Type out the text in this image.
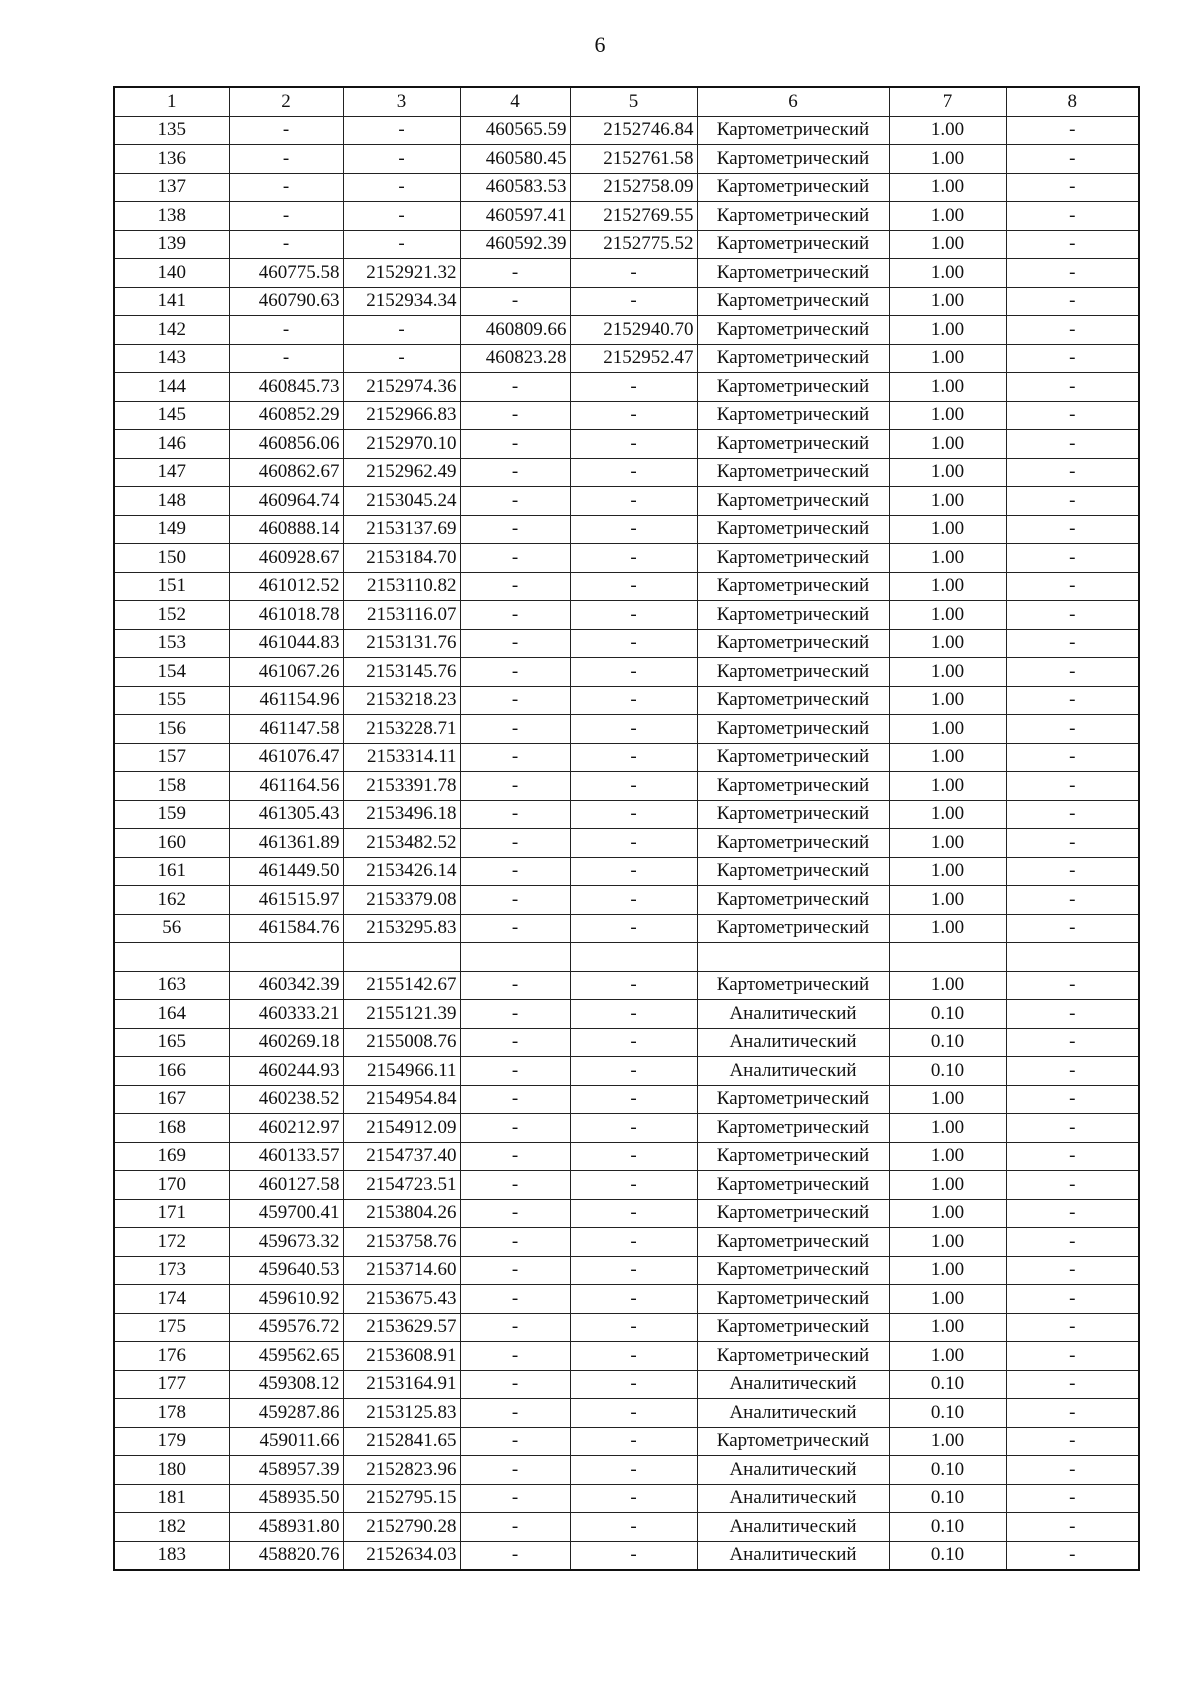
6
1	2	3	4	5	6	7	8
135	-	-	460565.59	2152746.84	Картометрический	1.00	-
136	-	-	460580.45	2152761.58	Картометрический	1.00	-
137	-	-	460583.53	2152758.09	Картометрический	1.00	-
138	-	-	460597.41	2152769.55	Картометрический	1.00	-
139	-	-	460592.39	2152775.52	Картометрический	1.00	-
140	460775.58	2152921.32	-	-	Картометрический	1.00	-
141	460790.63	2152934.34	-	-	Картометрический	1.00	-
142	-	-	460809.66	2152940.70	Картометрический	1.00	-
143	-	-	460823.28	2152952.47	Картометрический	1.00	-
144	460845.73	2152974.36	-	-	Картометрический	1.00	-
145	460852.29	2152966.83	-	-	Картометрический	1.00	-
146	460856.06	2152970.10	-	-	Картометрический	1.00	-
147	460862.67	2152962.49	-	-	Картометрический	1.00	-
148	460964.74	2153045.24	-	-	Картометрический	1.00	-
149	460888.14	2153137.69	-	-	Картометрический	1.00	-
150	460928.67	2153184.70	-	-	Картометрический	1.00	-
151	461012.52	2153110.82	-	-	Картометрический	1.00	-
152	461018.78	2153116.07	-	-	Картометрический	1.00	-
153	461044.83	2153131.76	-	-	Картометрический	1.00	-
154	461067.26	2153145.76	-	-	Картометрический	1.00	-
155	461154.96	2153218.23	-	-	Картометрический	1.00	-
156	461147.58	2153228.71	-	-	Картометрический	1.00	-
157	461076.47	2153314.11	-	-	Картометрический	1.00	-
158	461164.56	2153391.78	-	-	Картометрический	1.00	-
159	461305.43	2153496.18	-	-	Картометрический	1.00	-
160	461361.89	2153482.52	-	-	Картометрический	1.00	-
161	461449.50	2153426.14	-	-	Картометрический	1.00	-
162	461515.97	2153379.08	-	-	Картометрический	1.00	-
56	461584.76	2153295.83	-	-	Картометрический	1.00	-

163	460342.39	2155142.67	-	-	Картометрический	1.00	-
164	460333.21	2155121.39	-	-	Аналитический	0.10	-
165	460269.18	2155008.76	-	-	Аналитический	0.10	-
166	460244.93	2154966.11	-	-	Аналитический	0.10	-
167	460238.52	2154954.84	-	-	Картометрический	1.00	-
168	460212.97	2154912.09	-	-	Картометрический	1.00	-
169	460133.57	2154737.40	-	-	Картометрический	1.00	-
170	460127.58	2154723.51	-	-	Картометрический	1.00	-
171	459700.41	2153804.26	-	-	Картометрический	1.00	-
172	459673.32	2153758.76	-	-	Картометрический	1.00	-
173	459640.53	2153714.60	-	-	Картометрический	1.00	-
174	459610.92	2153675.43	-	-	Картометрический	1.00	-
175	459576.72	2153629.57	-	-	Картометрический	1.00	-
176	459562.65	2153608.91	-	-	Картометрический	1.00	-
177	459308.12	2153164.91	-	-	Аналитический	0.10	-
178	459287.86	2153125.83	-	-	Аналитический	0.10	-
179	459011.66	2152841.65	-	-	Картометрический	1.00	-
180	458957.39	2152823.96	-	-	Аналитический	0.10	-
181	458935.50	2152795.15	-	-	Аналитический	0.10	-
182	458931.80	2152790.28	-	-	Аналитический	0.10	-
183	458820.76	2152634.03	-	-	Аналитический	0.10	-
